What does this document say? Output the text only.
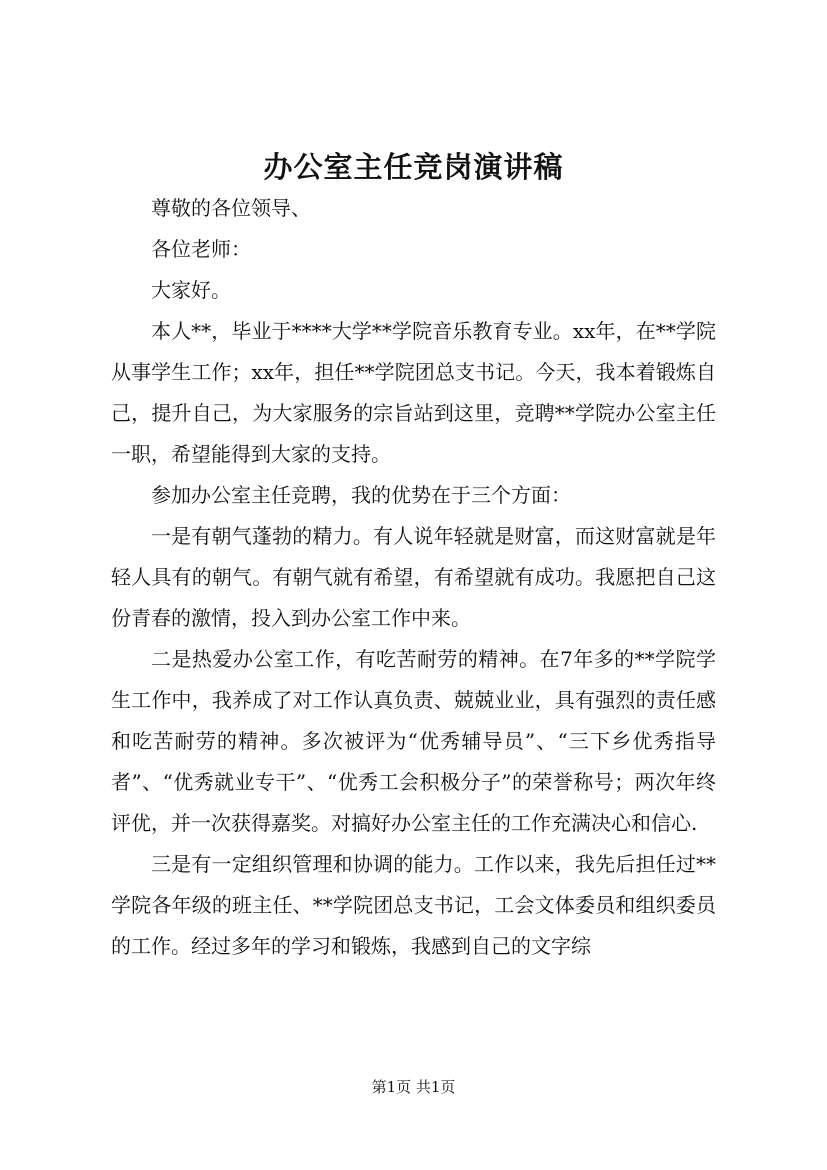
办公室主任竞岗演讲稿

尊敬的各位领导、

各位老师：

大家好。

本人**，毕业于****大学**学院音乐教育专业。xx年，在**学院从事学生工作；xx年，担任**学院团总支书记。今天，我本着锻炼自己，提升自己，为大家服务的宗旨站到这里，竞聘**学院办公室主任一职，希望能得到大家的支持。

参加办公室主任竞聘，我的优势在于三个方面：

一是有朝气蓬勃的精力。有人说年轻就是财富，而这财富就是年轻人具有的朝气。有朝气就有希望，有希望就有成功。我愿把自己这份青春的激情，投入到办公室工作中来。

二是热爱办公室工作，有吃苦耐劳的精神。在7年多的**学院学生工作中，我养成了对工作认真负责、兢兢业业，具有强烈的责任感和吃苦耐劳的精神。多次被评为“优秀辅导员”、“三下乡优秀指导者”、“优秀就业专干”、“优秀工会积极分子”的荣誉称号；两次年终评优，并一次获得嘉奖。对搞好办公室主任的工作充满决心和信心.

三是有一定组织管理和协调的能力。工作以来，我先后担任过**学院各年级的班主任、**学院团总支书记，工会文体委员和组织委员的工作。经过多年的学习和锻炼，我感到自己的文字综

第1页 共1页
